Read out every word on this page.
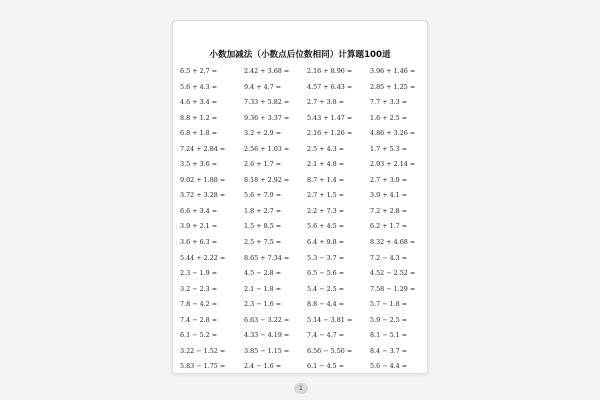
小数加减法（小数点后位数相同）计算题100道
6.5 + 2.7 =	2.42 + 3.68 =	2.16 + 8.96 =	3.96 + 1.46 =
5.6 + 4.3 =	9.4 + 4.7 =	4.57 + 6.43 =	2.85 + 1.25 =
4.6 + 3.4 =	7.33 + 5.82 =	2.7 + 3.8 =	7.7 + 3.3 =
8.8 + 1.2 =	9.36 + 3.37 =	5.43 + 1.47 =	1.6 + 2.5 =
6.8 + 1.8 =	3.2 + 2.9 =	2.16 + 1.26 =	4.86 + 3.26 =
7.24 + 2.84 =	2.56 + 1.03 =	2.5 + 4.3 =	1.7 + 5.3 =
3.5 + 3.6 =	2.6 + 1.7 =	2.1 + 4.8 =	2.93 + 2.14 =
9.02 + 1.88 =	8.18 + 2.92 =	8.7 + 1.4 =	2.7 + 3.9 =
3.72 + 3.28 =	5.6 + 7.9 =	2.7 + 1.5 =	3.9 + 4.1 =
6.6 + 3.4 =	1.8 + 2.7 =	2.2 + 7.3 =	7.2 + 2.8 =
3.9 + 2.1 =	1.5 + 8.5 =	5.6 + 4.5 =	6.2 + 1.7 =
3.6 + 6.3 =	2.5 + 7.5 =	6.4 + 9.8 =	8.32 + 4.68 =
5.44 + 2.22 =	8.65 + 7.34 =	5.3 − 3.7 =	7.2 − 4.3 =
2.3 − 1.9 =	4.5 − 2.8 =	6.5 − 5.6 =	4.52 − 2.52 =
3.2 − 2.3 =	2.1 − 1.8 =	5.4 − 2.5 =	7.58 − 1.29 =
7.8 − 4.2 =	2.3 − 1.6 =	8.8 − 4.4 =	5.7 − 1.8 =
7.4 − 2.8 =	6.63 − 3.22 =	5.14 − 3.81 =	5.9 − 2.5 =
6.1 − 5.2 =	4.33 − 4.19 =	7.4 − 4.7 =	8.1 − 5.1 =
3.22 − 1.52 =	3.85 − 1.15 =	6.56 − 5.56 =	8.4 − 3.7 =
5.83 − 1.75 =	2.4 − 1.6 =	6.1 − 4.5 =	5.6 − 4.4 =
1
